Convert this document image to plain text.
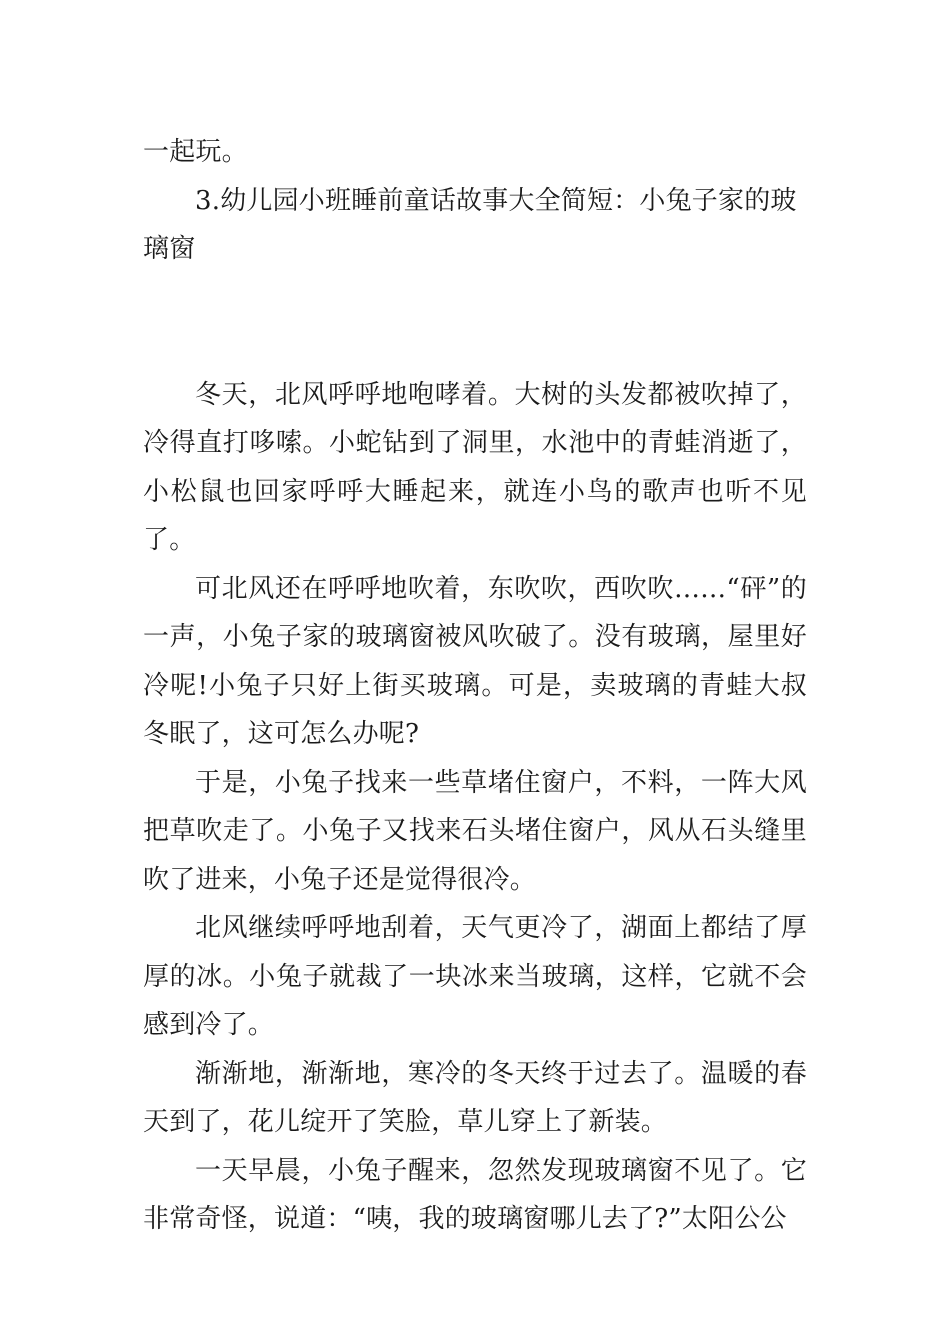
一起玩。

3.幼儿园小班睡前童话故事大全简短：小兔子家的玻璃窗

冬天，北风呼呼地咆哮着。大树的头发都被吹掉了，冷得直打哆嗦。小蛇钻到了洞里，水池中的青蛙消逝了，小松鼠也回家呼呼大睡起来，就连小鸟的歌声也听不见了。

可北风还在呼呼地吹着，东吹吹，西吹吹……“砰”的一声，小兔子家的玻璃窗被风吹破了。没有玻璃，屋里好冷呢!小兔子只好上街买玻璃。可是，卖玻璃的青蛙大叔冬眠了，这可怎么办呢?

于是，小兔子找来一些草堵住窗户，不料，一阵大风把草吹走了。小兔子又找来石头堵住窗户，风从石头缝里吹了进来，小兔子还是觉得很冷。

北风继续呼呼地刮着，天气更冷了，湖面上都结了厚厚的冰。小兔子就裁了一块冰来当玻璃，这样，它就不会感到冷了。

渐渐地，渐渐地，寒冷的冬天终于过去了。温暖的春天到了，花儿绽开了笑脸，草儿穿上了新装。

一天早晨，小兔子醒来，忽然发现玻璃窗不见了。它非常奇怪，说道：“咦，我的玻璃窗哪儿去了?”太阳公公
